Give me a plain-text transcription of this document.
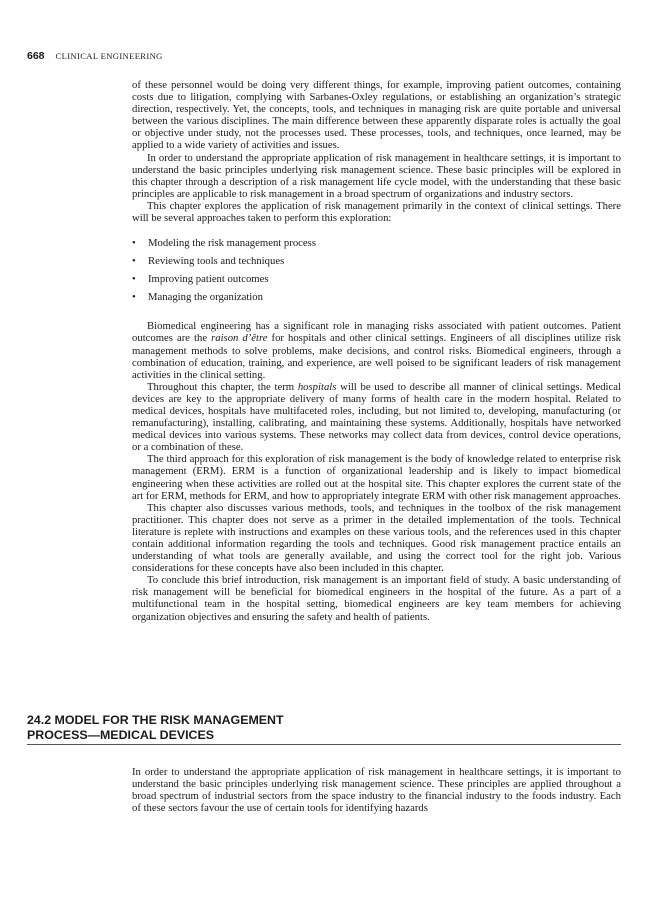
668 CLINICAL ENGINEERING

of these personnel would be doing very different things, for example, improving patient outcomes, containing costs due to litigation, complying with Sarbanes-Oxley regulations, or establishing an organization’s strategic direction, respectively. Yet, the concepts, tools, and techniques in managing risk are quite portable and universal between the various disciplines. The main difference between these apparently disparate roles is actually the goal or objective under study, not the processes used. These processes, tools, and techniques, once learned, may be applied to a wide variety of activities and issues.

In order to understand the appropriate application of risk management in healthcare settings, it is important to understand the basic principles underlying risk management science. These basic principles will be explored in this chapter through a description of a risk management life cycle model, with the understanding that these basic principles are applicable to risk management in a broad spectrum of organizations and industry sectors.

This chapter explores the application of risk management primarily in the context of clinical settings. There will be several approaches taken to perform this exploration:

• Modeling the risk management process
• Reviewing tools and techniques
• Improving patient outcomes
• Managing the organization

Biomedical engineering has a significant role in managing risks associated with patient outcomes. Patient outcomes are the raison d’être for hospitals and other clinical settings. Engineers of all disciplines utilize risk management methods to solve problems, make decisions, and control risks. Biomedical engineers, through a combination of education, training, and experience, are well poised to be significant leaders of risk management activities in the clinical setting.

Throughout this chapter, the term hospitals will be used to describe all manner of clinical settings. Medical devices are key to the appropriate delivery of many forms of health care in the modern hospital. Related to medical devices, hospitals have multifaceted roles, including, but not limited to, developing, manufacturing (or remanufacturing), installing, calibrating, and maintaining these systems. Additionally, hospitals have networked medical devices into various systems. These networks may collect data from devices, control device operations, or a combination of these.

The third approach for this exploration of risk management is the body of knowledge related to enterprise risk management (ERM). ERM is a function of organizational leadership and is likely to impact biomedical engineering when these activities are rolled out at the hospital site. This chapter explores the current state of the art for ERM, methods for ERM, and how to appropriately integrate ERM with other risk management approaches.

This chapter also discusses various methods, tools, and techniques in the toolbox of the risk management practitioner. This chapter does not serve as a primer in the detailed implementation of the tools. Technical literature is replete with instructions and examples on these various tools, and the references used in this chapter contain additional information regarding the tools and techniques. Good risk management practice entails an understanding of what tools are generally available, and using the correct tool for the right job. Various considerations for these concepts have also been included in this chapter.

To conclude this brief introduction, risk management is an important field of study. A basic understanding of risk management will be beneficial for biomedical engineers in the hospital of the future. As a part of a multifunctional team in the hospital setting, biomedical engineers are key team members for achieving organization objectives and ensuring the safety and health of patients.

24.2 MODEL FOR THE RISK MANAGEMENT
PROCESS—MEDICAL DEVICES

In order to understand the appropriate application of risk management in healthcare settings, it is important to understand the basic principles underlying risk management science. These principles are applied throughout a broad spectrum of industrial sectors from the space industry to the financial industry to the foods industry. Each of these sectors favour the use of certain tools for identifying hazards
